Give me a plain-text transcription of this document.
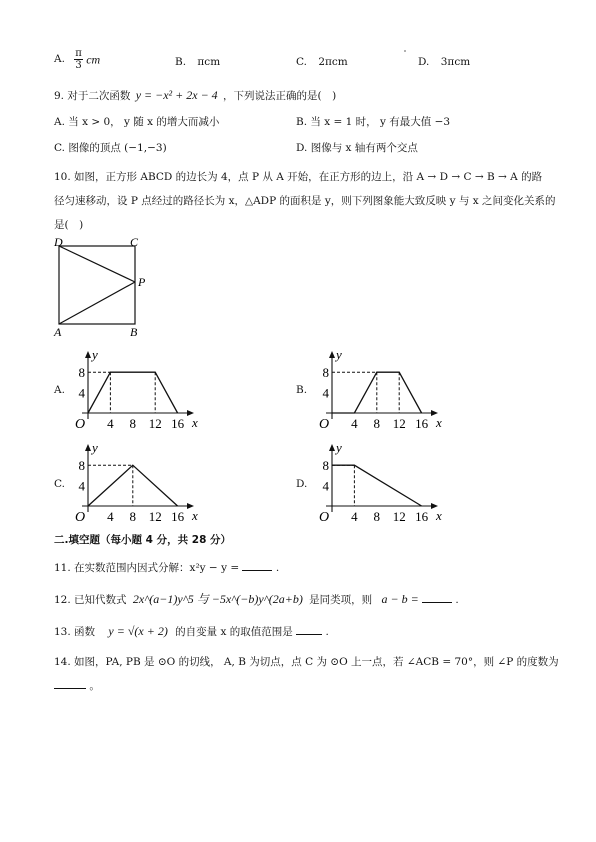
A. $\frac{\pi}{3}$ cm	B. πcm	C. 2πcm	D. 3πcm
9. 对于二次函数 y = −x² + 2x − 4 ，下列说法正确的是(　)
A. 当 x > 0， y 随 x 的增大而减小	B. 当 x = 1 时， y 有最大值 −3
C. 图像的顶点 (−1,−3)	D. 图像与 x 轴有两个交点
10. 如图，正方形 ABCD 的边长为 4，点 P 从 A 开始，在正方形的边上，沿 A → D → C → B → A 的路
径匀速移动，设 P 点经过的路径长为 x，△ADP 的面积是 y，则下列图象能大致反映 y 与 x 之间变化关系的
是(　)
D	C
P
A	B
A.	B.
C.	D.
y
x
O 4 8 12 16
4
8
y
x
O 4 8 12 16
4
8
y
x
O 4 8 12 16
4
8
y
x
O 4 8 12 16
4
8
二.填空题（每小题 4 分，共 28 分）
11. 在实数范围内因式分解：x²y − y =	.
12. 已知代数式 2x^(a−1)y^5 与 −5x^(−b)y^(2a+b) 是同类项，则 a − b =	.
13. 函数 y = √(x + 2) 的自变量 x 的取值范围是	.
14. 如图，PA, PB 是 ⊙O 的切线， A, B 为切点，点 C 为 ⊙O 上一点，若 ∠ACB = 70°，则 ∠P 的度数为
。
